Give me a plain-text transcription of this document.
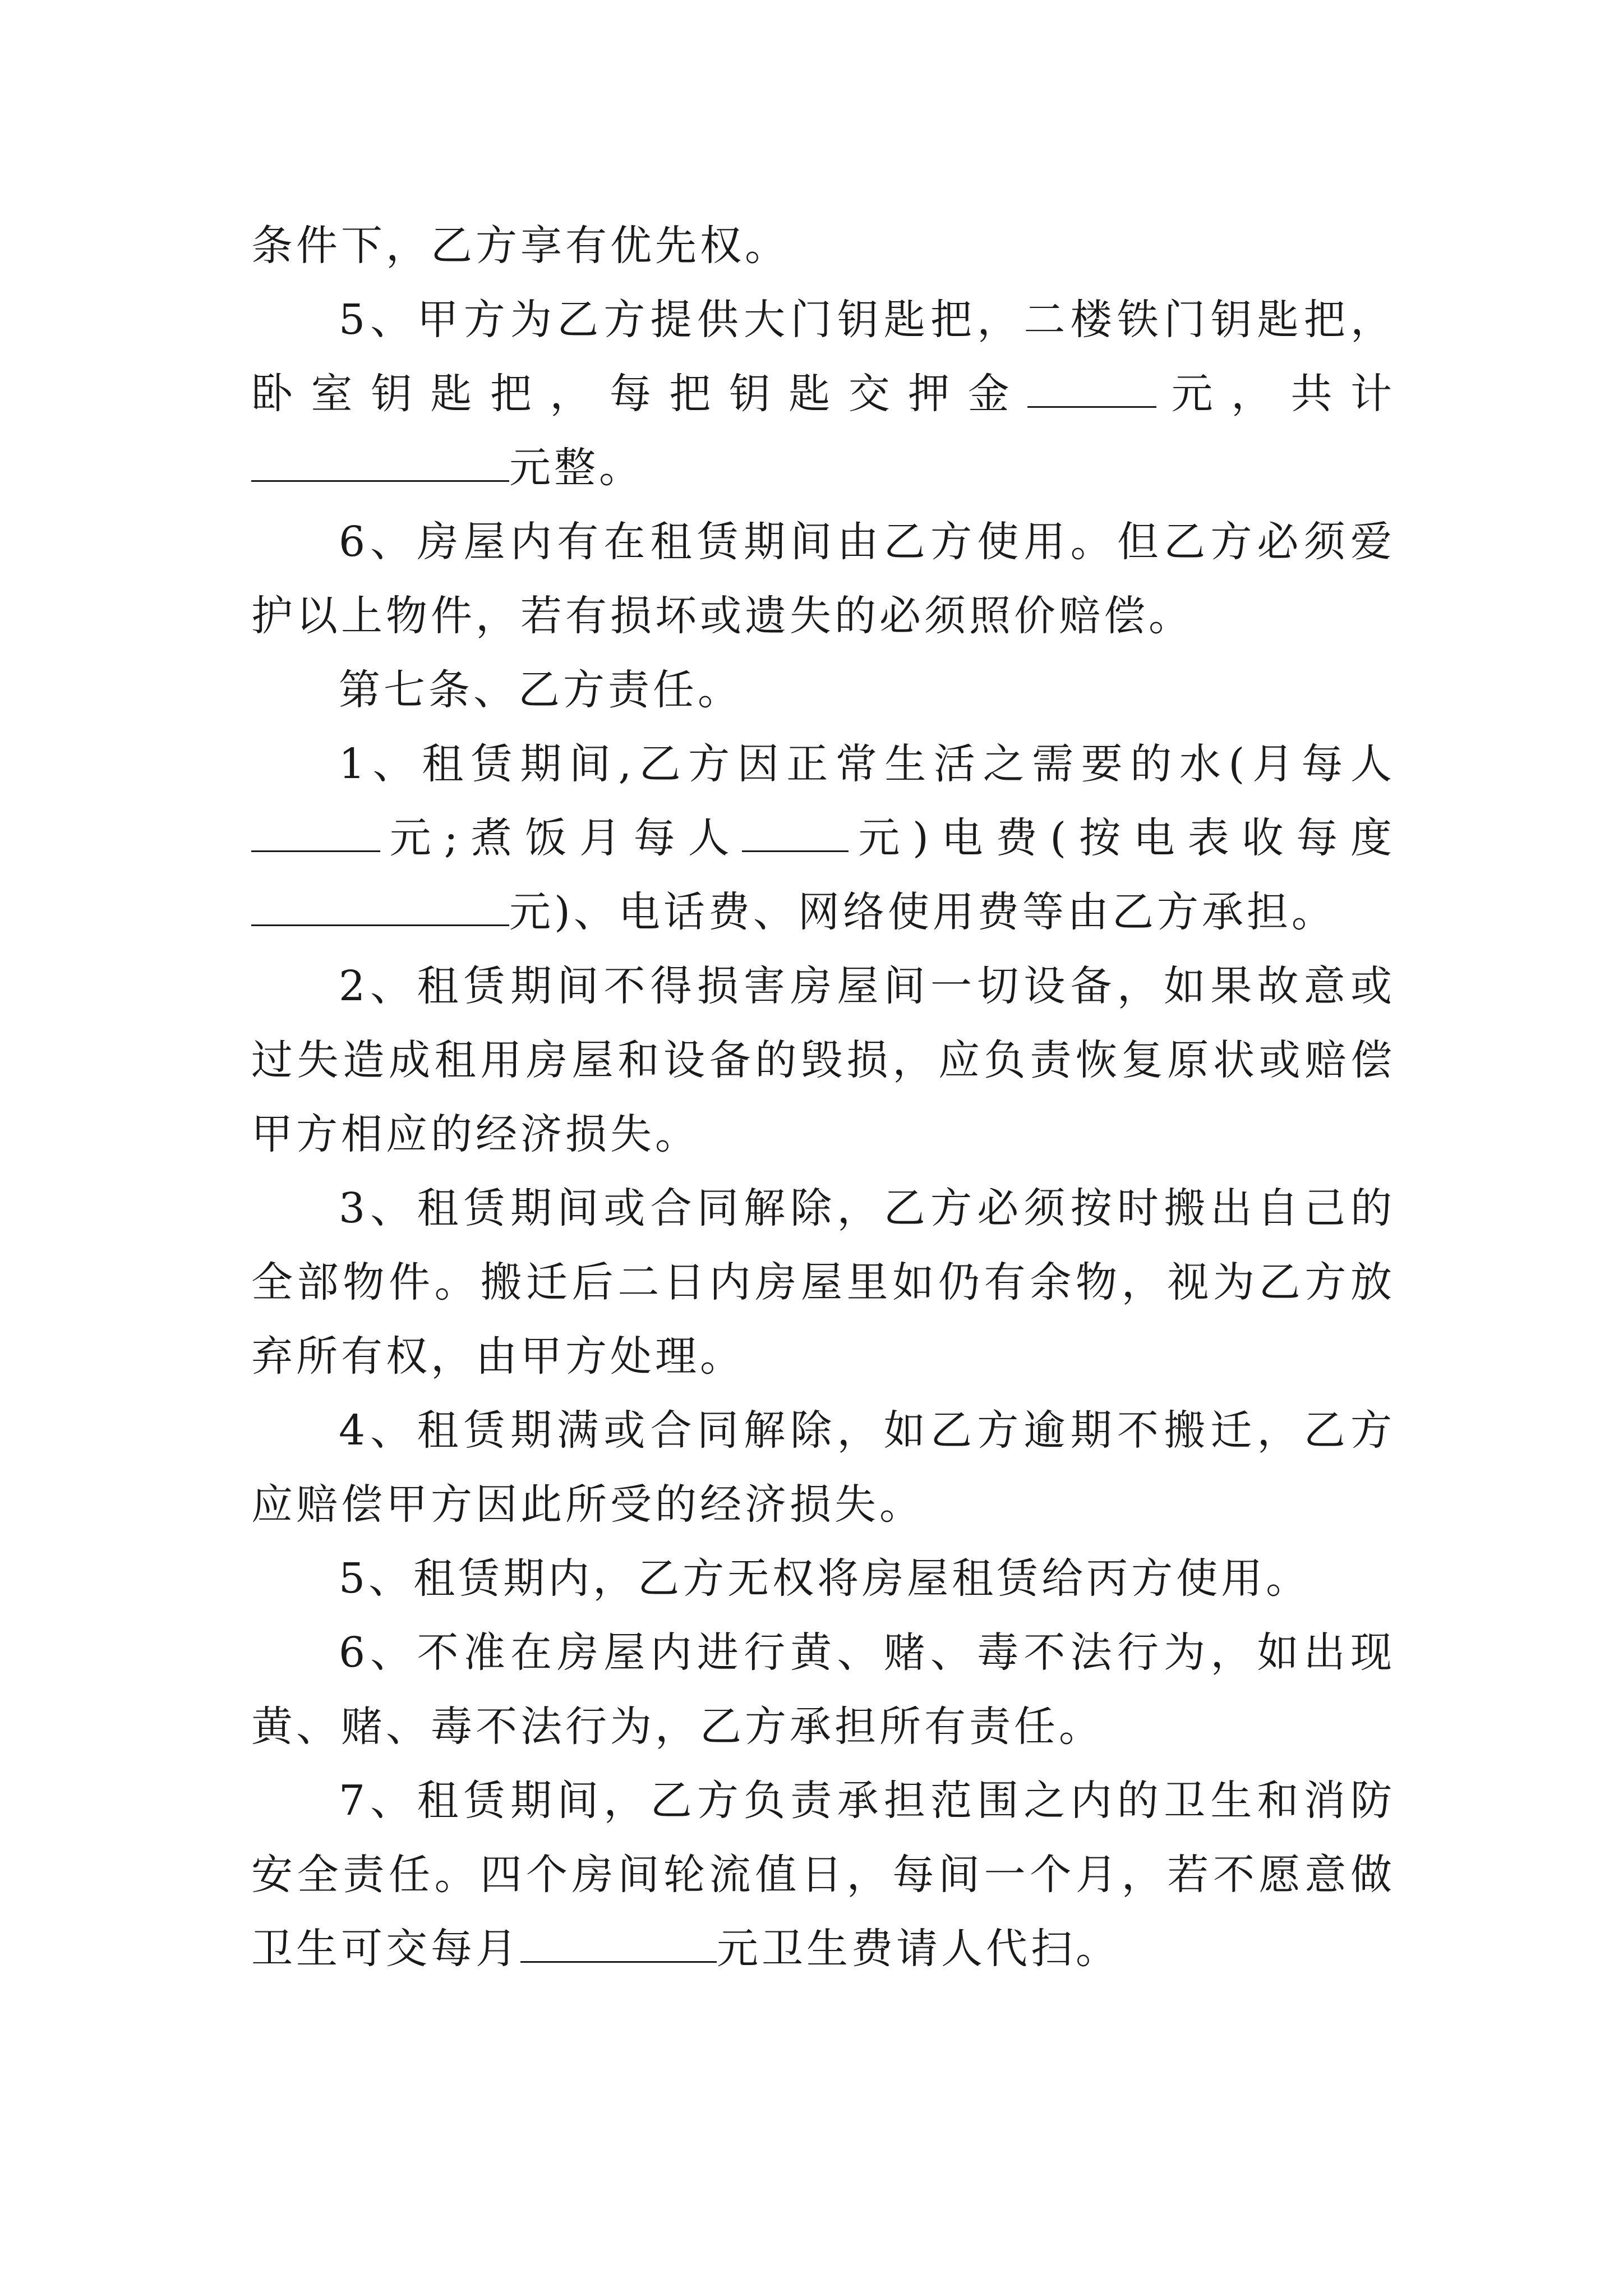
条件下，乙方享有优先权。

5、甲方为乙方提供大门钥匙把，二楼铁门钥匙把，卧室钥匙把，每把钥匙交押金	元，共计元整。

6、房屋内有在租赁期间由乙方使用。但乙方必须爱护以上物件，若有损坏或遗失的必须照价赔偿。

第七条、乙方责任。

1、租赁期间,乙方因正常生活之需要的水(月每人元;煮饭月每人	元)电费(按电表收每度元)、电话费、网络使用费等由乙方承担。

2、租赁期间不得损害房屋间一切设备，如果故意或过失造成租用房屋和设备的毁损，应负责恢复原状或赔偿甲方相应的经济损失。

3、租赁期间或合同解除，乙方必须按时搬出自己的全部物件。搬迁后二日内房屋里如仍有余物，视为乙方放弃所有权，由甲方处理。

4、租赁期满或合同解除，如乙方逾期不搬迁，乙方应赔偿甲方因此所受的经济损失。

5、租赁期内，乙方无权将房屋租赁给丙方使用。

6、不准在房屋内进行黄、赌、毒不法行为，如出现黄、赌、毒不法行为，乙方承担所有责任。

7、租赁期间，乙方负责承担范围之内的卫生和消防安全责任。四个房间轮流值日，每间一个月，若不愿意做卫生可交每月	元卫生费请人代扫。
